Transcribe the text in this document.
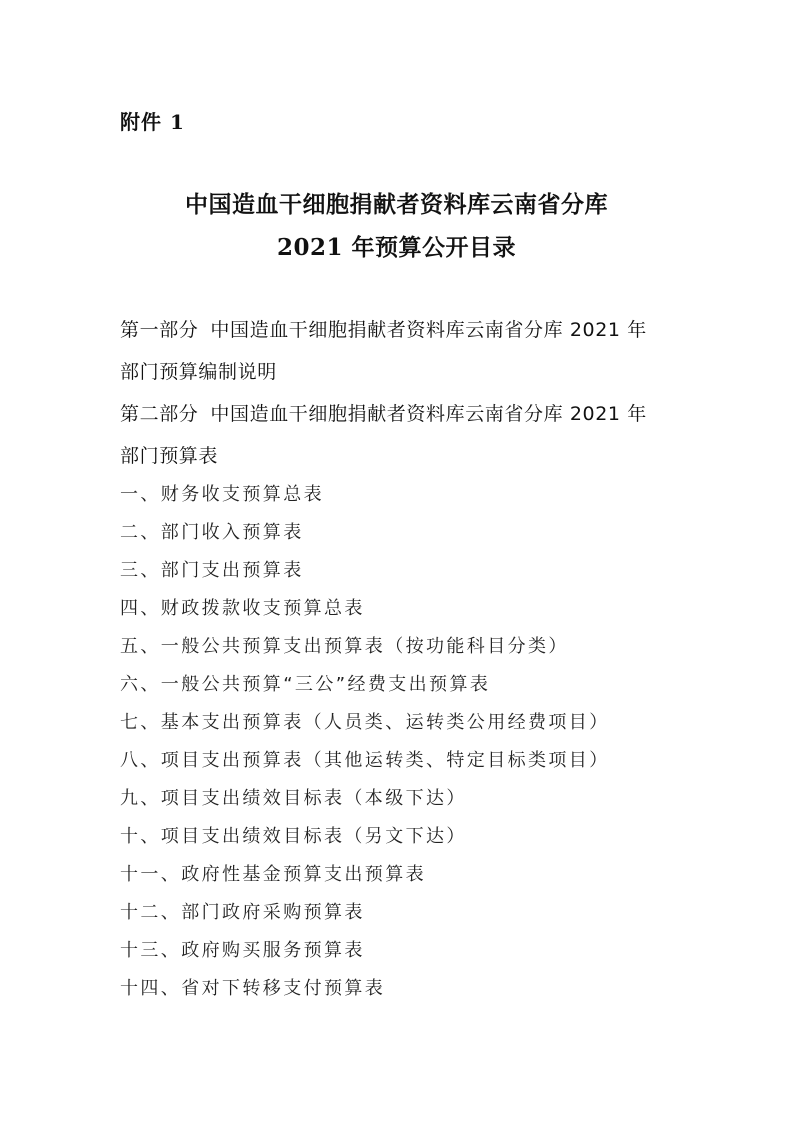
附件 1
中国造血干细胞捐献者资料库云南省分库
2021 年预算公开目录
第一部分 中国造血干细胞捐献者资料库云南省分库 2021 年
部门预算编制说明
第二部分 中国造血干细胞捐献者资料库云南省分库 2021 年
部门预算表
一、财务收支预算总表
二、部门收入预算表
三、部门支出预算表
四、财政拨款收支预算总表
五、一般公共预算支出预算表（按功能科目分类）
六、一般公共预算“三公”经费支出预算表
七、基本支出预算表（人员类、运转类公用经费项目）
八、项目支出预算表（其他运转类、特定目标类项目）
九、项目支出绩效目标表（本级下达）
十、项目支出绩效目标表（另文下达）
十一、政府性基金预算支出预算表
十二、部门政府采购预算表
十三、政府购买服务预算表
十四、省对下转移支付预算表
